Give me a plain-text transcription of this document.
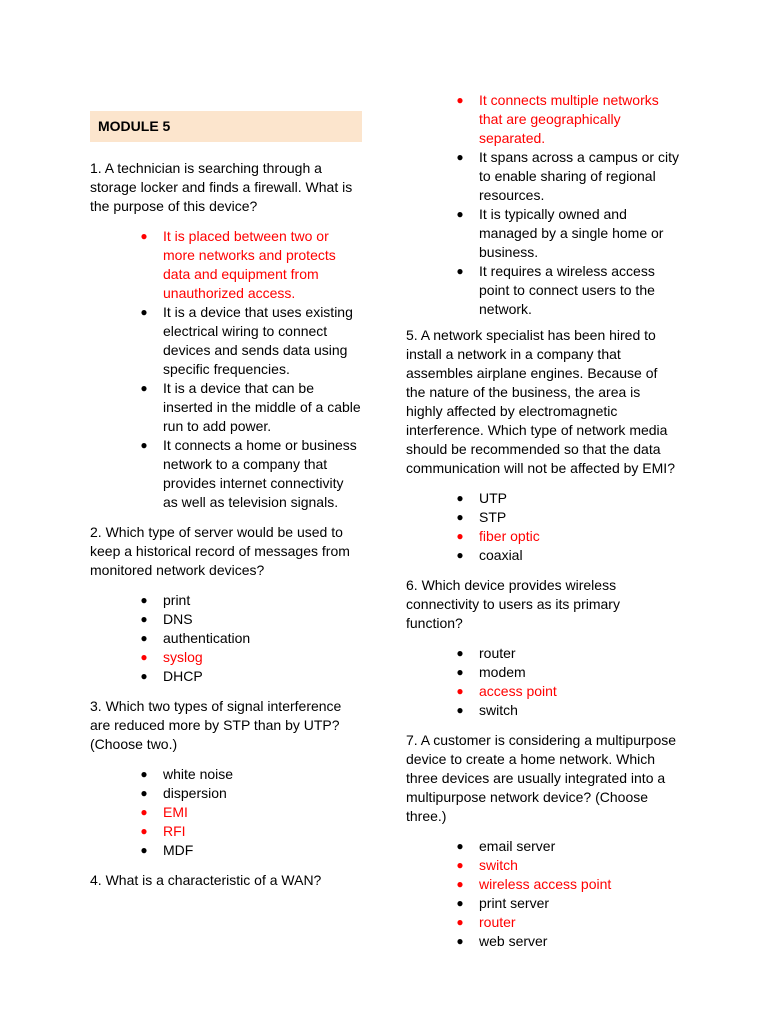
MODULE 5

1. A technician is searching through a storage locker and finds a firewall. What is the purpose of this device?

● It is placed between two or more networks and protects data and equipment from unauthorized access.
● It is a device that uses existing electrical wiring to connect devices and sends data using specific frequencies.
● It is a device that can be inserted in the middle of a cable run to add power.
● It connects a home or business network to a company that provides internet connectivity as well as television signals.

2. Which type of server would be used to keep a historical record of messages from monitored network devices?

● print
● DNS
● authentication
● syslog
● DHCP

3. Which two types of signal interference are reduced more by STP than by UTP? (Choose two.)

● white noise
● dispersion
● EMI
● RFI
● MDF

4. What is a characteristic of a WAN?

● It connects multiple networks that are geographically separated.
● It spans across a campus or city to enable sharing of regional resources.
● It is typically owned and managed by a single home or business.
● It requires a wireless access point to connect users to the network.

5. A network specialist has been hired to install a network in a company that assembles airplane engines. Because of the nature of the business, the area is highly affected by electromagnetic interference. Which type of network media should be recommended so that the data communication will not be affected by EMI?

● UTP
● STP
● fiber optic
● coaxial

6. Which device provides wireless connectivity to users as its primary function?

● router
● modem
● access point
● switch

7. A customer is considering a multipurpose device to create a home network. Which three devices are usually integrated into a multipurpose network device? (Choose three.)

● email server
● switch
● wireless access point
● print server
● router
● web server
